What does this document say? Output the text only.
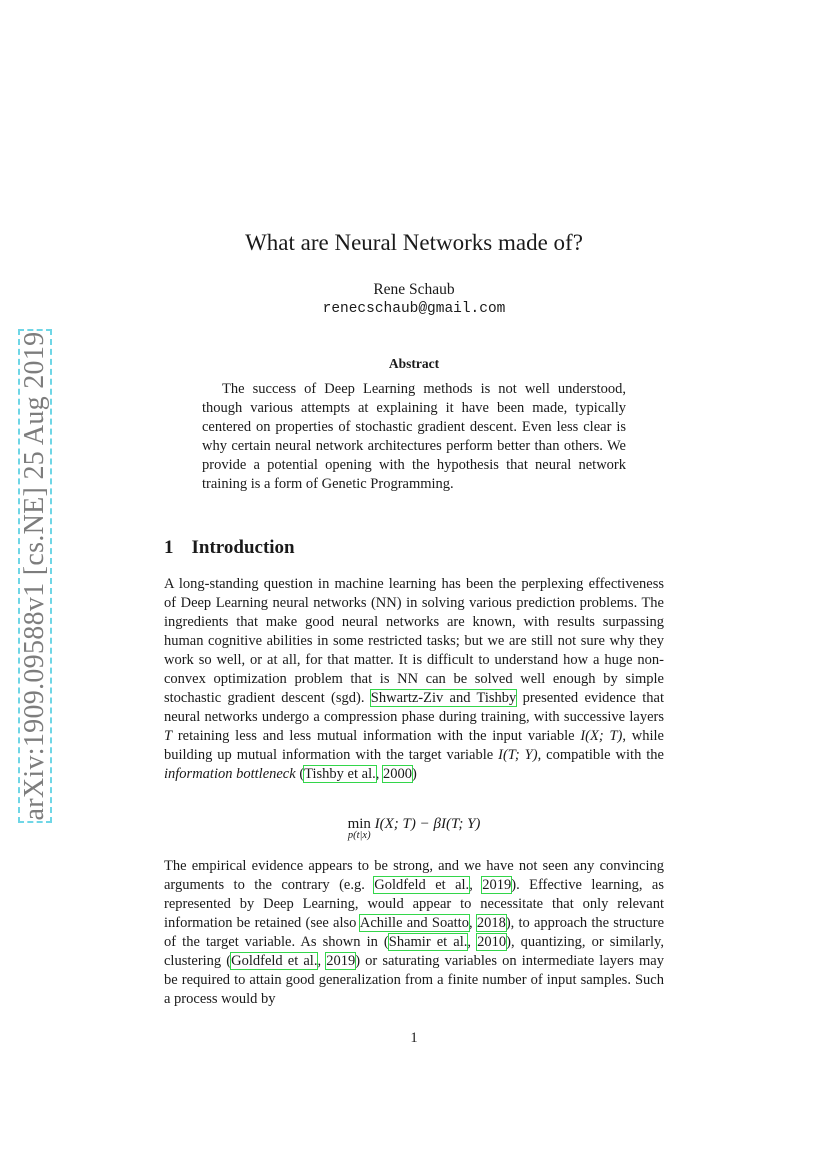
arXiv:1909.09588v1 [cs.NE] 25 Aug 2019
What are Neural Networks made of?
Rene Schaub
renecschaub@gmail.com
Abstract
The success of Deep Learning methods is not well understood, though various attempts at explaining it have been made, typically centered on properties of stochastic gradient descent. Even less clear is why certain neural network architectures perform better than others. We provide a potential opening with the hypothesis that neural network training is a form of Genetic Programming.
1 Introduction
A long-standing question in machine learning has been the perplexing effectiveness of Deep Learning neural networks (NN) in solving various prediction problems. The ingredients that make good neural networks are known, with results surpassing human cognitive abilities in some restricted tasks; but we are still not sure why they work so well, or at all, for that matter. It is difficult to understand how a huge non-convex optimization problem that is NN can be solved well enough by simple stochastic gradient descent (sgd). Shwartz-Ziv and Tishby presented evidence that neural networks undergo a compression phase during training, with successive layers T retaining less and less mutual information with the input variable I(X; T), while building up mutual information with the target variable I(T; Y), compatible with the information bottleneck (Tishby et al., 2000)
min
p(t|x)
I(X; T) − βI(T; Y)
The empirical evidence appears to be strong, and we have not seen any convincing arguments to the contrary (e.g. Goldfeld et al., 2019). Effective learning, as represented by Deep Learning, would appear to necessitate that only relevant information be retained (see also Achille and Soatto, 2018), to approach the structure of the target variable. As shown in (Shamir et al., 2010), quantizing, or similarly, clustering (Goldfeld et al., 2019) or saturating variables on intermediate layers may be required to attain good generalization from a finite number of input samples. Such a process would by
1
